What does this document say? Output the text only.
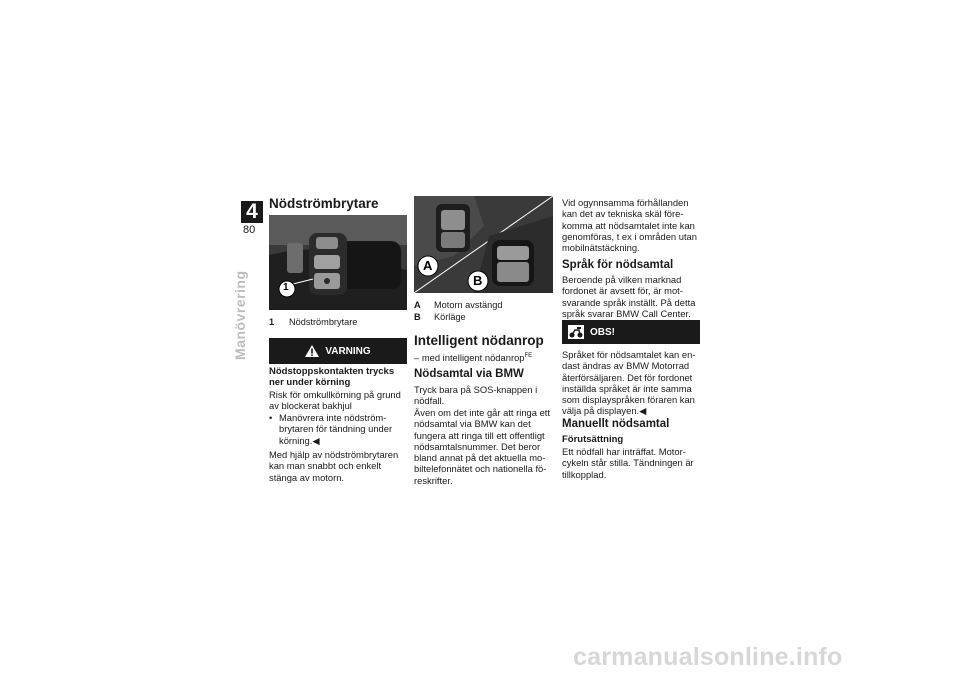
4
80
Manövrering
Nödströmbrytare
1
1	Nödströmbrytare
VARNING
Nödstoppskontakten trycks ner under körning
Risk för omkullkörning på grund av blockerat bakhjul
• Manövrera inte nödströmbrytaren för tändning under körning.◀
Med hjälp av nödströmbrytaren kan man snabbt och enkelt stänga av motorn.
A
B
A	Motorn avstängd
B	Körläge
Intelligent nödanrop
– med intelligent nödanrop$^{FE}$
Nödsamtal via BMW
Tryck bara på SOS-knappen i nödfall.
Även om det inte går att ringa ett nödsamtal via BMW kan det fungera att ringa till ett offentligt nödsamtalsnummer. Det beror bland annat på det aktuella mobiltelefonnätet och nationella föreskrifter.
Vid ogynnsamma förhållanden kan det av tekniska skäl förekomma att nödsamtalet inte kan genomföras, t ex i områden utan mobilnätstäckning.
Språk för nödsamtal
Beroende på vilken marknad fordonet är avsett för, är motsvarande språk inställt. På detta språk svarar BMW Call Center.
OBS!
Språket för nödsamtalet kan endast ändras av BMW Motorrad återförsäljaren. Det för fordonet inställda språket är inte samma som displayspråken föraren kan välja på displayen.◀
Manuellt nödsamtal
Förutsättning
Ett nödfall har inträffat. Motorcykeln står stilla. Tändningen är tillkopplad.
carmanualsonline.info
